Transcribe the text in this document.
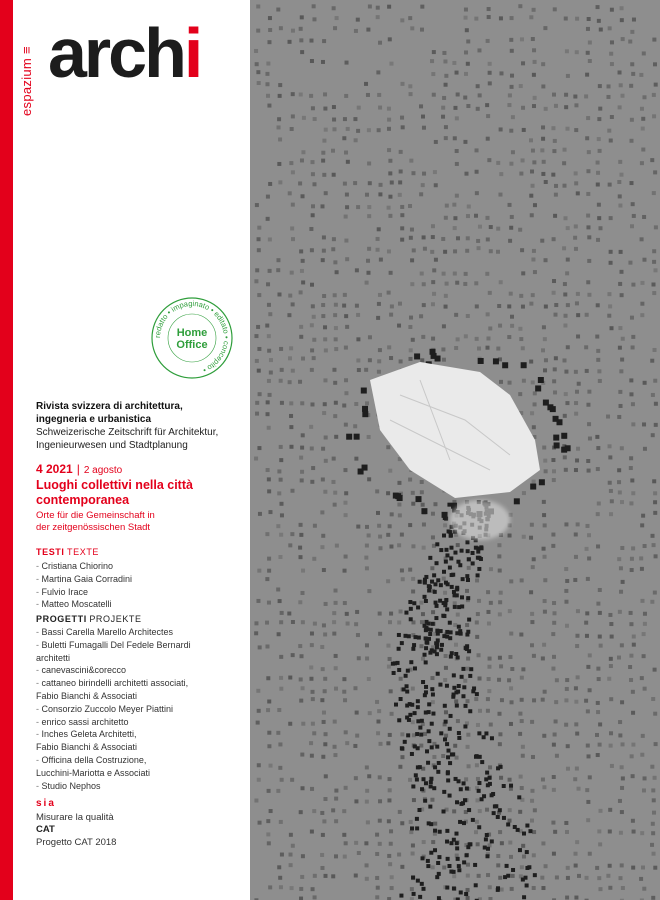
espazium ≡ archi
redatto • impaginato • editato • concepito •
Home
Office
Rivista svizzera di architettura,
ingegneria e urbanistica
Schweizerische Zeitschrift für Architektur,
Ingenieurwesen und Stadtplanung
4 2021 | 2 agosto
Luoghi collettivi nella città
contemporanea
Orte für die Gemeinschaft in
der zeitgenössischen Stadt
TESTI TEXTE
- Cristiana Chiorino
- Martina Gaia Corradini
- Fulvio Irace
- Matteo Moscatelli
PROGETTI PROJEKTE
- Bassi Carella Marello Architectes
- Buletti Fumagalli Del Fedele Bernardi
architetti
- canevascini&corecco
- cattaneo birindelli architetti associati,
Fabio Bianchi & Associati
- Consorzio Zuccolo Meyer Piattini
- enrico sassi architetto
- Inches Geleta Architetti,
Fabio Bianchi & Associati
- Officina della Costruzione,
Lucchini-Mariotta e Associati
- Studio Nephos
sia
Misurare la qualità
CAT
Progetto CAT 2018
